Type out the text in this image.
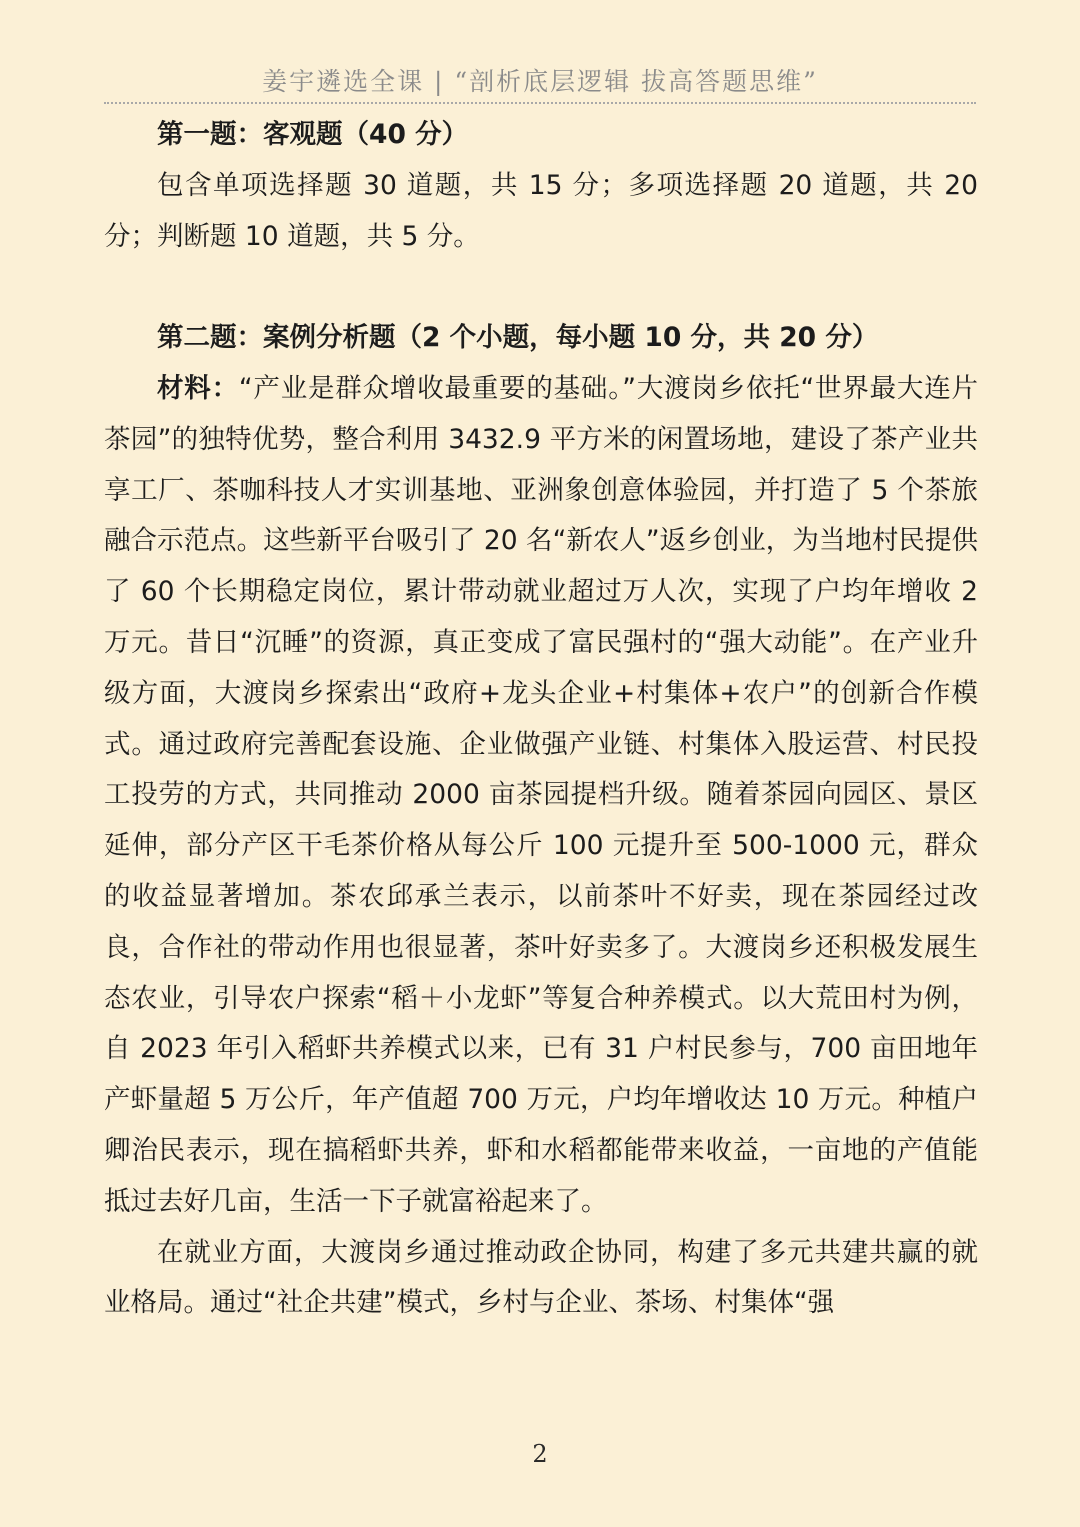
姜宇遴选全课 | “剖析底层逻辑 拔高答题思维”

第一题：客观题（40 分）

包含单项选择题 30 道题，共 15 分；多项选择题 20 道题，共 20 分；判断题 10 道题，共 5 分。

第二题：案例分析题（2 个小题，每小题 10 分，共 20 分）

材料：“产业是群众增收最重要的基础。”大渡岗乡依托“世界最大连片茶园”的独特优势，整合利用 3432.9 平方米的闲置场地，建设了茶产业共享工厂、茶咖科技人才实训基地、亚洲象创意体验园，并打造了 5 个茶旅融合示范点。这些新平台吸引了 20 名“新农人”返乡创业，为当地村民提供了 60 个长期稳定岗位，累计带动就业超过万人次，实现了户均年增收 2 万元。昔日“沉睡”的资源，真正变成了富民强村的“强大动能”。在产业升级方面，大渡岗乡探索出“政府+龙头企业+村集体+农户”的创新合作模式。通过政府完善配套设施、企业做强产业链、村集体入股运营、村民投工投劳的方式，共同推动 2000 亩茶园提档升级。随着茶园向园区、景区延伸，部分产区干毛茶价格从每公斤 100 元提升至 500-1000 元，群众的收益显著增加。茶农邱承兰表示，以前茶叶不好卖，现在茶园经过改良，合作社的带动作用也很显著，茶叶好卖多了。大渡岗乡还积极发展生态农业，引导农户探索“稻＋小龙虾”等复合种养模式。以大荒田村为例，自 2023 年引入稻虾共养模式以来，已有 31 户村民参与，700 亩田地年产虾量超 5 万公斤，年产值超 700 万元，户均年增收达 10 万元。种植户卿治民表示，现在搞稻虾共养，虾和水稻都能带来收益，一亩地的产值能抵过去好几亩，生活一下子就富裕起来了。

在就业方面，大渡岗乡通过推动政企协同，构建了多元共建共赢的就业格局。通过“社企共建”模式，乡村与企业、茶场、村集体“强

2
